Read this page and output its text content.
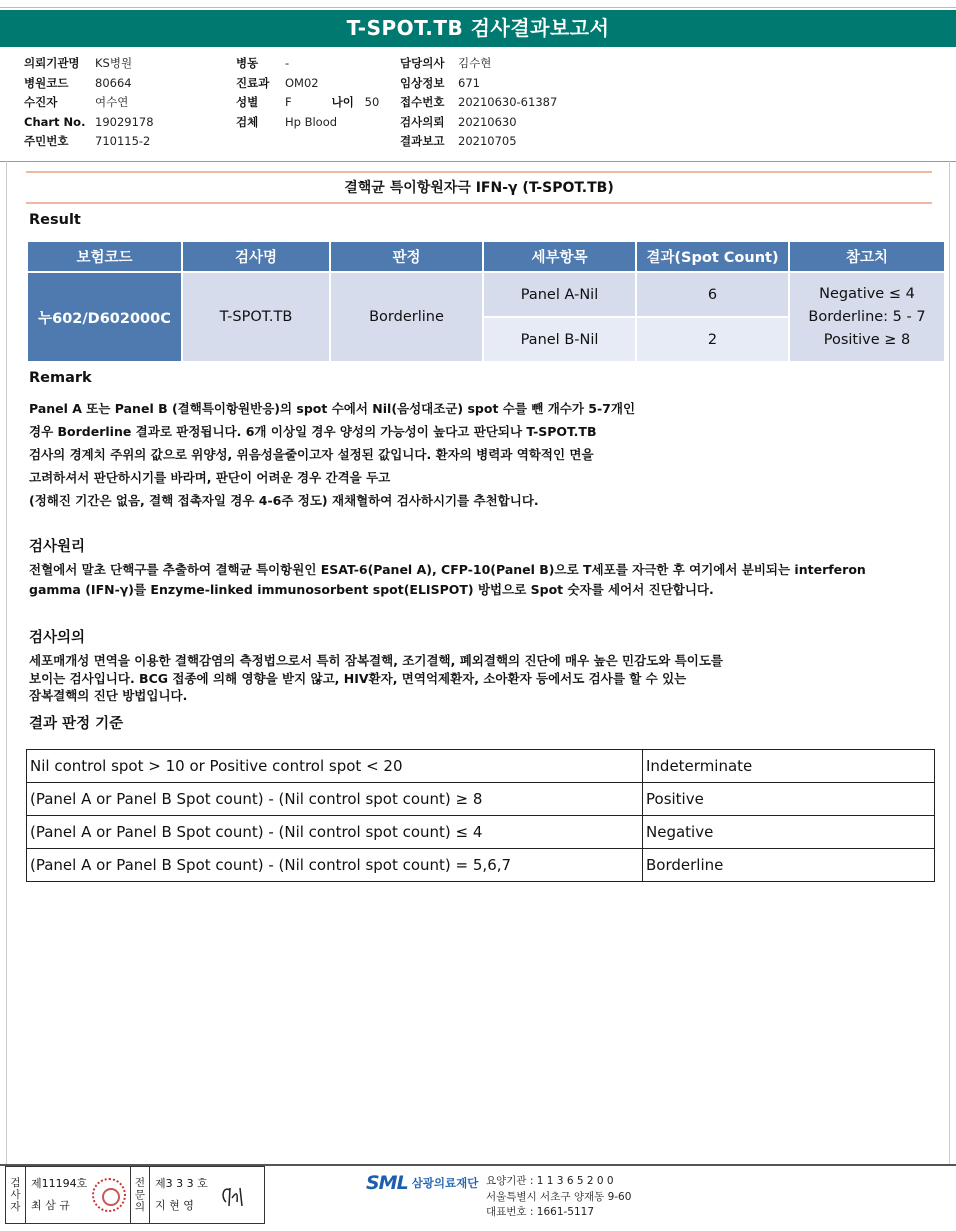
T-SPOT.TB 검사결과보고서
의뢰기관명	KS병원
병원코드	80664
수진자	여수연
Chart No. 19029178
주민번호	710115-2
병동	-
진료과	OM02
성별	F	나이 50
검체	Hp Blood
담당의사	김수현
임상정보	671
접수번호	20210630-61387
검사의뢰	20210630
결과보고	20210705
결핵균 특이항원자극 IFN-γ (T-SPOT.TB)
Result
보험코드	검사명	판정	세부항목	결과(Spot Count)	참고치
누602/D602000C	T-SPOT.TB	Borderline	Panel A-Nil	6	Negative ≤ 4
Borderline: 5 - 7
Positive ≥ 8

			Panel B-Nil	2	
Remark
Panel A 또는 Panel B (결핵특이항원반응)의 spot 수에서 Nil(음성대조군) spot 수를 뺀 개수가 5-7개인
경우 Borderline 결과로 판정됩니다. 6개 이상일 경우 양성의 가능성이 높다고 판단되나 T-SPOT.TB
검사의 경계치 주위의 값으로 위양성, 위음성을줄이고자 설정된 값입니다. 환자의 병력과 역학적인 면을
고려하셔서 판단하시기를 바라며, 판단이 어려운 경우 간격을 두고
(정해진 기간은 없음, 결핵 접촉자일 경우 4-6주 정도) 재채혈하여 검사하시기를 추천합니다.
검사원리
전혈에서 말초 단핵구를 추출하여 결핵균 특이항원인 ESAT-6(Panel A), CFP-10(Panel B)으로 T세포를 자극한 후 여기에서 분비되는 interferon
gamma (IFN-γ)를 Enzyme-linked immunosorbent spot(ELISPOT) 방법으로 Spot 숫자를 세어서 진단합니다.
검사의의
세포매개성 면역을 이용한 결핵감염의 측정법으로서 특히 잠복결핵, 조기결핵, 폐외결핵의 진단에 매우 높은 민감도와 특이도를
보이는 검사입니다. BCG 접종에 의해 영향을 받지 않고, HIV환자, 면역억제환자, 소아환자 등에서도 검사를 할 수 있는
잠복결핵의 진단 방법입니다.
결과 판정 기준
Nil control spot > 10 or Positive control spot < 20	Indeterminate
(Panel A or Panel B Spot count) - (Nil control spot count) ≥ 8	Positive
(Panel A or Panel B Spot count) - (Nil control spot count) ≤ 4	Negative
(Panel A or Panel B Spot count) - (Nil control spot count) = 5,6,7	Borderline
검
사
자
제11194호
최 삼 규
전
문
의
제3 3 3 호
지 현 영
SML 삼광의료재단 요양기관 : 1 1 3 6 5 2 0 0
서울특별시 서초구 양재동 9-60
대표번호 : 1661-5117
